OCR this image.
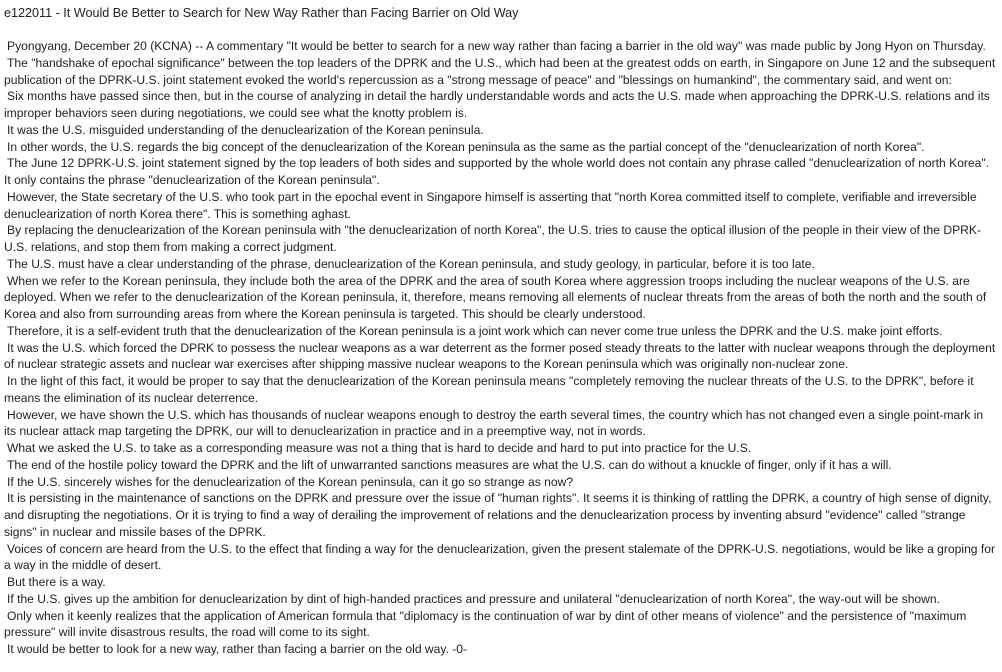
e122011 - It Would Be Better to Search for New Way Rather than Facing Barrier on Old Way

Pyongyang, December 20 (KCNA) -- A commentary "It would be better to search for a new way rather than facing a barrier in the old way" was made public by Jong Hyon on Thursday.

The "handshake of epochal significance" between the top leaders of the DPRK and the U.S., which had been at the greatest odds on earth, in Singapore on June 12 and the subsequent publication of the DPRK-U.S. joint statement evoked the world's repercussion as a "strong message of peace" and "blessings on humankind", the commentary said, and went on:

Six months have passed since then, but in the course of analyzing in detail the hardly understandable words and acts the U.S. made when approaching the DPRK-U.S. relations and its improper behaviors seen during negotiations, we could see what the knotty problem is.

It was the U.S. misguided understanding of the denuclearization of the Korean peninsula.

In other words, the U.S. regards the big concept of the denuclearization of the Korean peninsula as the same as the partial concept of the "denuclearization of north Korea".

The June 12 DPRK-U.S. joint statement signed by the top leaders of both sides and supported by the whole world does not contain any phrase called "denuclearization of north Korea". It only contains the phrase "denuclearization of the Korean peninsula".

However, the State secretary of the U.S. who took part in the epochal event in Singapore himself is asserting that "north Korea committed itself to complete, verifiable and irreversible denuclearization of north Korea there". This is something aghast.

By replacing the denuclearization of the Korean peninsula with "the denuclearization of north Korea", the U.S. tries to cause the optical illusion of the people in their view of the DPRK-U.S. relations, and stop them from making a correct judgment.

The U.S. must have a clear understanding of the phrase, denuclearization of the Korean peninsula, and study geology, in particular, before it is too late.

When we refer to the Korean peninsula, they include both the area of the DPRK and the area of south Korea where aggression troops including the nuclear weapons of the U.S. are deployed. When we refer to the denuclearization of the Korean peninsula, it, therefore, means removing all elements of nuclear threats from the areas of both the north and the south of Korea and also from surrounding areas from where the Korean peninsula is targeted. This should be clearly understood.

Therefore, it is a self-evident truth that the denuclearization of the Korean peninsula is a joint work which can never come true unless the DPRK and the U.S. make joint efforts.

It was the U.S. which forced the DPRK to possess the nuclear weapons as a war deterrent as the former posed steady threats to the latter with nuclear weapons through the deployment of nuclear strategic assets and nuclear war exercises after shipping massive nuclear weapons to the Korean peninsula which was originally non-nuclear zone.

In the light of this fact, it would be proper to say that the denuclearization of the Korean peninsula means "completely removing the nuclear threats of the U.S. to the DPRK", before it means the elimination of its nuclear deterrence.

However, we have shown the U.S. which has thousands of nuclear weapons enough to destroy the earth several times, the country which has not changed even a single point-mark in its nuclear attack map targeting the DPRK, our will to denuclearization in practice and in a preemptive way, not in words.

What we asked the U.S. to take as a corresponding measure was not a thing that is hard to decide and hard to put into practice for the U.S.

The end of the hostile policy toward the DPRK and the lift of unwarranted sanctions measures are what the U.S. can do without a knuckle of finger, only if it has a will.

If the U.S. sincerely wishes for the denuclearization of the Korean peninsula, can it go so strange as now?

It is persisting in the maintenance of sanctions on the DPRK and pressure over the issue of "human rights". It seems it is thinking of rattling the DPRK, a country of high sense of dignity, and disrupting the negotiations. Or it is trying to find a way of derailing the improvement of relations and the denuclearization process by inventing absurd "evidence" called "strange signs" in nuclear and missile bases of the DPRK.

Voices of concern are heard from the U.S. to the effect that finding a way for the denuclearization, given the present stalemate of the DPRK-U.S. negotiations, would be like a groping for a way in the middle of desert.

But there is a way.

If the U.S. gives up the ambition for denuclearization by dint of high-handed practices and pressure and unilateral "denuclearization of north Korea", the way-out will be shown.

Only when it keenly realizes that the application of American formula that "diplomacy is the continuation of war by dint of other means of violence" and the persistence of "maximum pressure" will invite disastrous results, the road will come to its sight.

It would be better to look for a new way, rather than facing a barrier on the old way. -0-
